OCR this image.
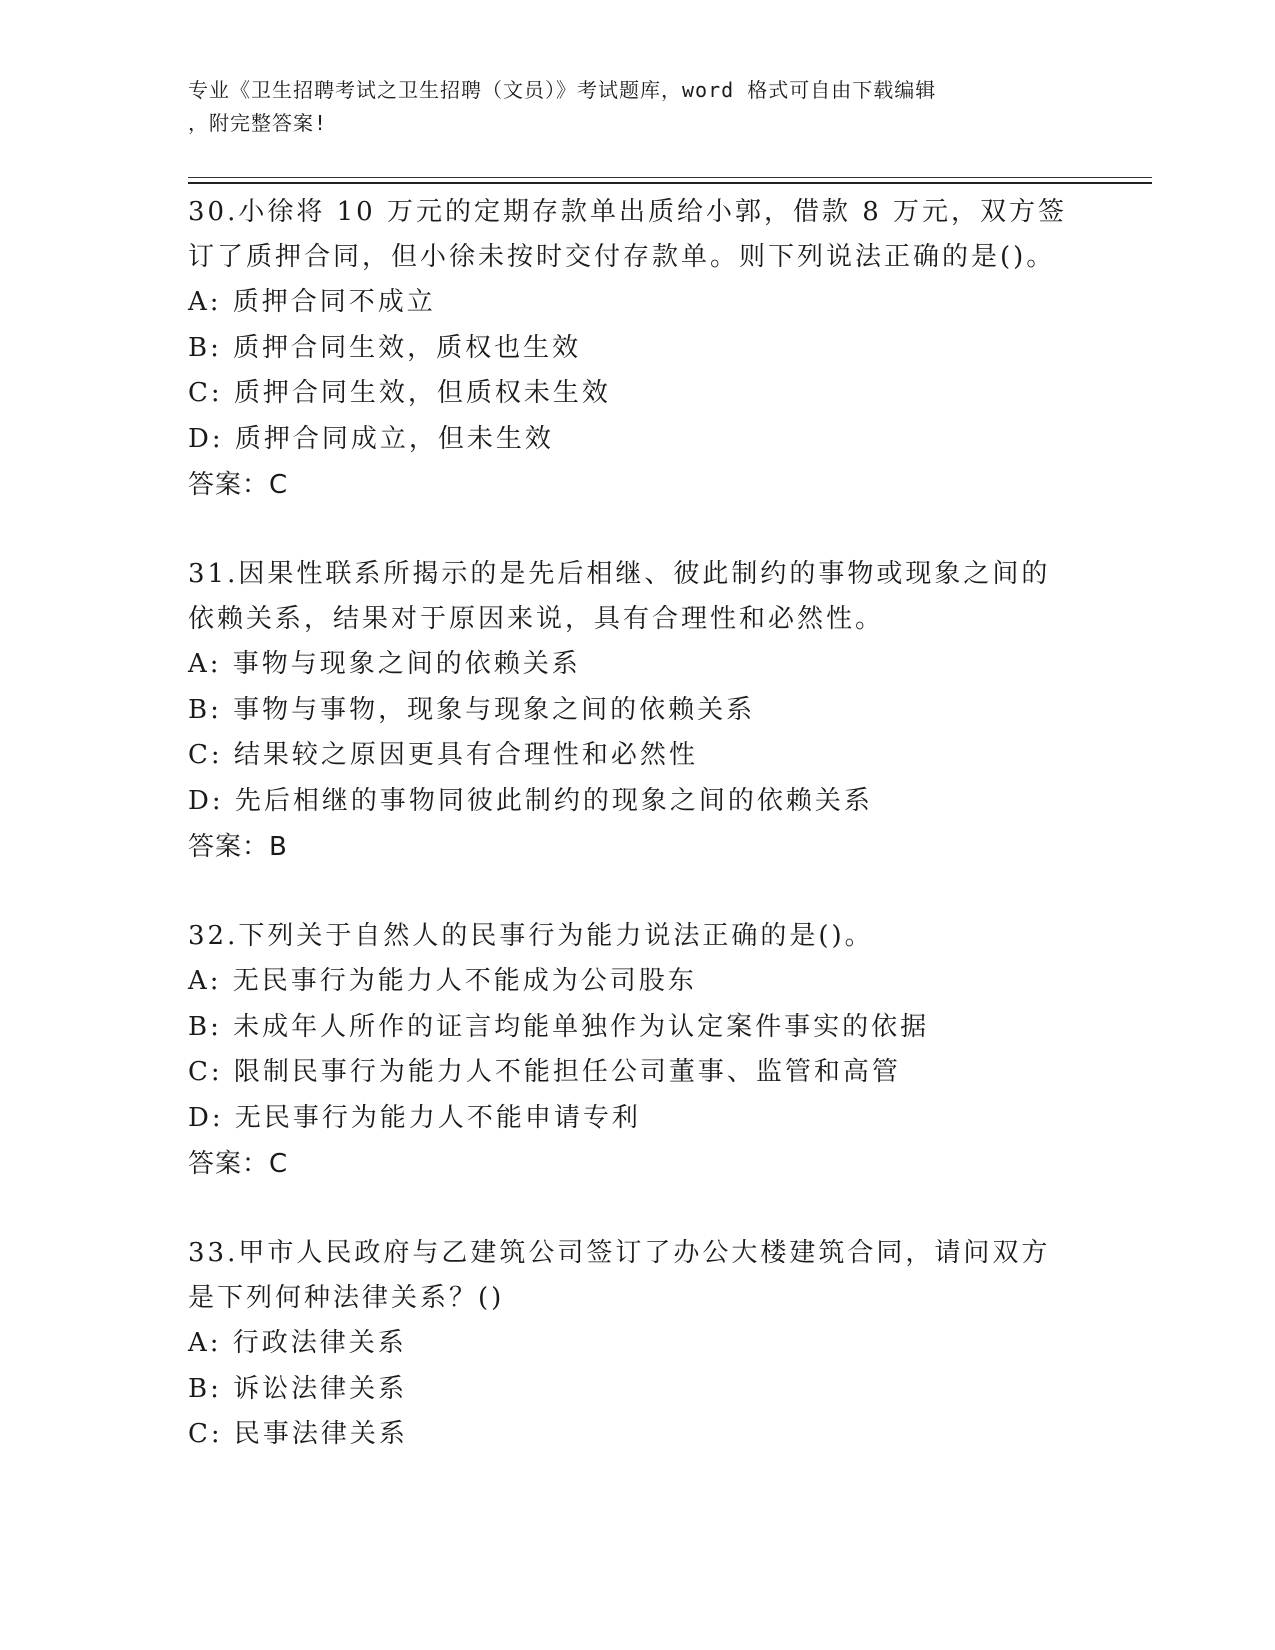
专业《卫生招聘考试之卫生招聘（文员）》考试题库，word 格式可自由下载编辑
，附完整答案!

30.小徐将 10 万元的定期存款单出质给小郭，借款 8 万元，双方签订了质押合同，但小徐未按时交付存款单。则下列说法正确的是()。

A: 质押合同不成立

B: 质押合同生效，质权也生效

C: 质押合同生效，但质权未生效

D: 质押合同成立，但未生效

答案：C

31.因果性联系所揭示的是先后相继、彼此制约的事物或现象之间的依赖关系，结果对于原因来说，具有合理性和必然性。

A: 事物与现象之间的依赖关系

B: 事物与事物，现象与现象之间的依赖关系

C: 结果较之原因更具有合理性和必然性

D: 先后相继的事物同彼此制约的现象之间的依赖关系

答案：B

32.下列关于自然人的民事行为能力说法正确的是()。

A: 无民事行为能力人不能成为公司股东

B: 未成年人所作的证言均能单独作为认定案件事实的依据

C: 限制民事行为能力人不能担任公司董事、监管和高管

D: 无民事行为能力人不能申请专利

答案：C

33.甲市人民政府与乙建筑公司签订了办公大楼建筑合同，请问双方是下列何种法律关系？()

A: 行政法律关系

B: 诉讼法律关系

C: 民事法律关系
